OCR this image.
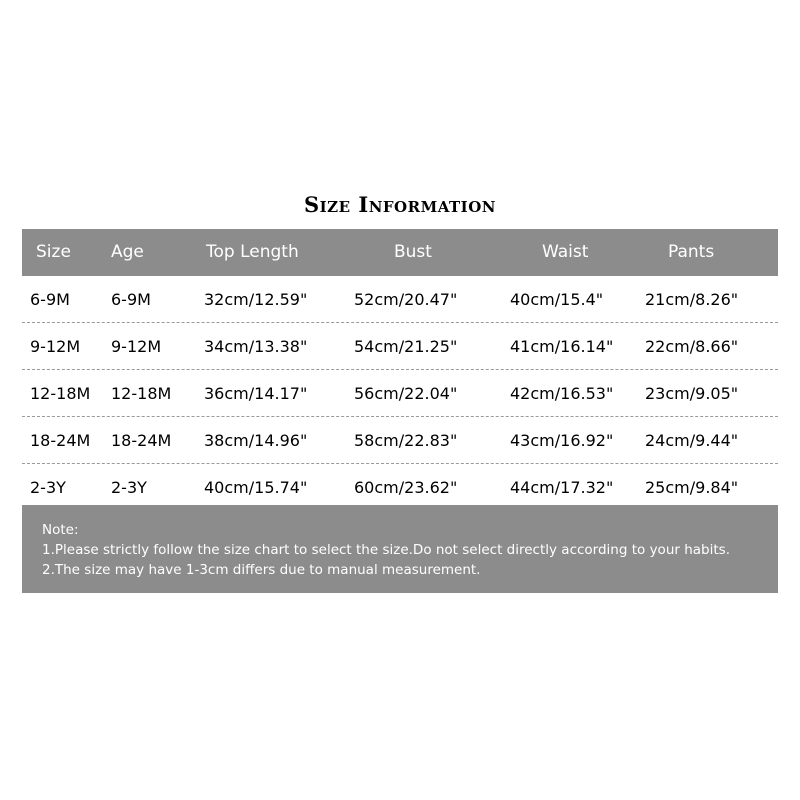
Size Information
Size Age	Top Length	Bust	Waist	Pants
6-9M	6-9M	32cm/12.59"	52cm/20.47"	40cm/15.4"	21cm/8.26"
9-12M 9-12M	34cm/13.38"	54cm/21.25"	41cm/16.14" 22cm/8.66"
12-18M 12-18M 36cm/14.17"	56cm/22.04"	42cm/16.53" 23cm/9.05"
18-24M 18-24M 38cm/14.96"	58cm/22.83"	43cm/16.92" 24cm/9.44"
2-3Y	2-3Y	40cm/15.74"	60cm/23.62"	44cm/17.32" 25cm/9.84"
Note:
1.Please strictly follow the size chart to select the size.Do not select directly according to your habits.
2.The size may have 1-3cm differs due to manual measurement.
